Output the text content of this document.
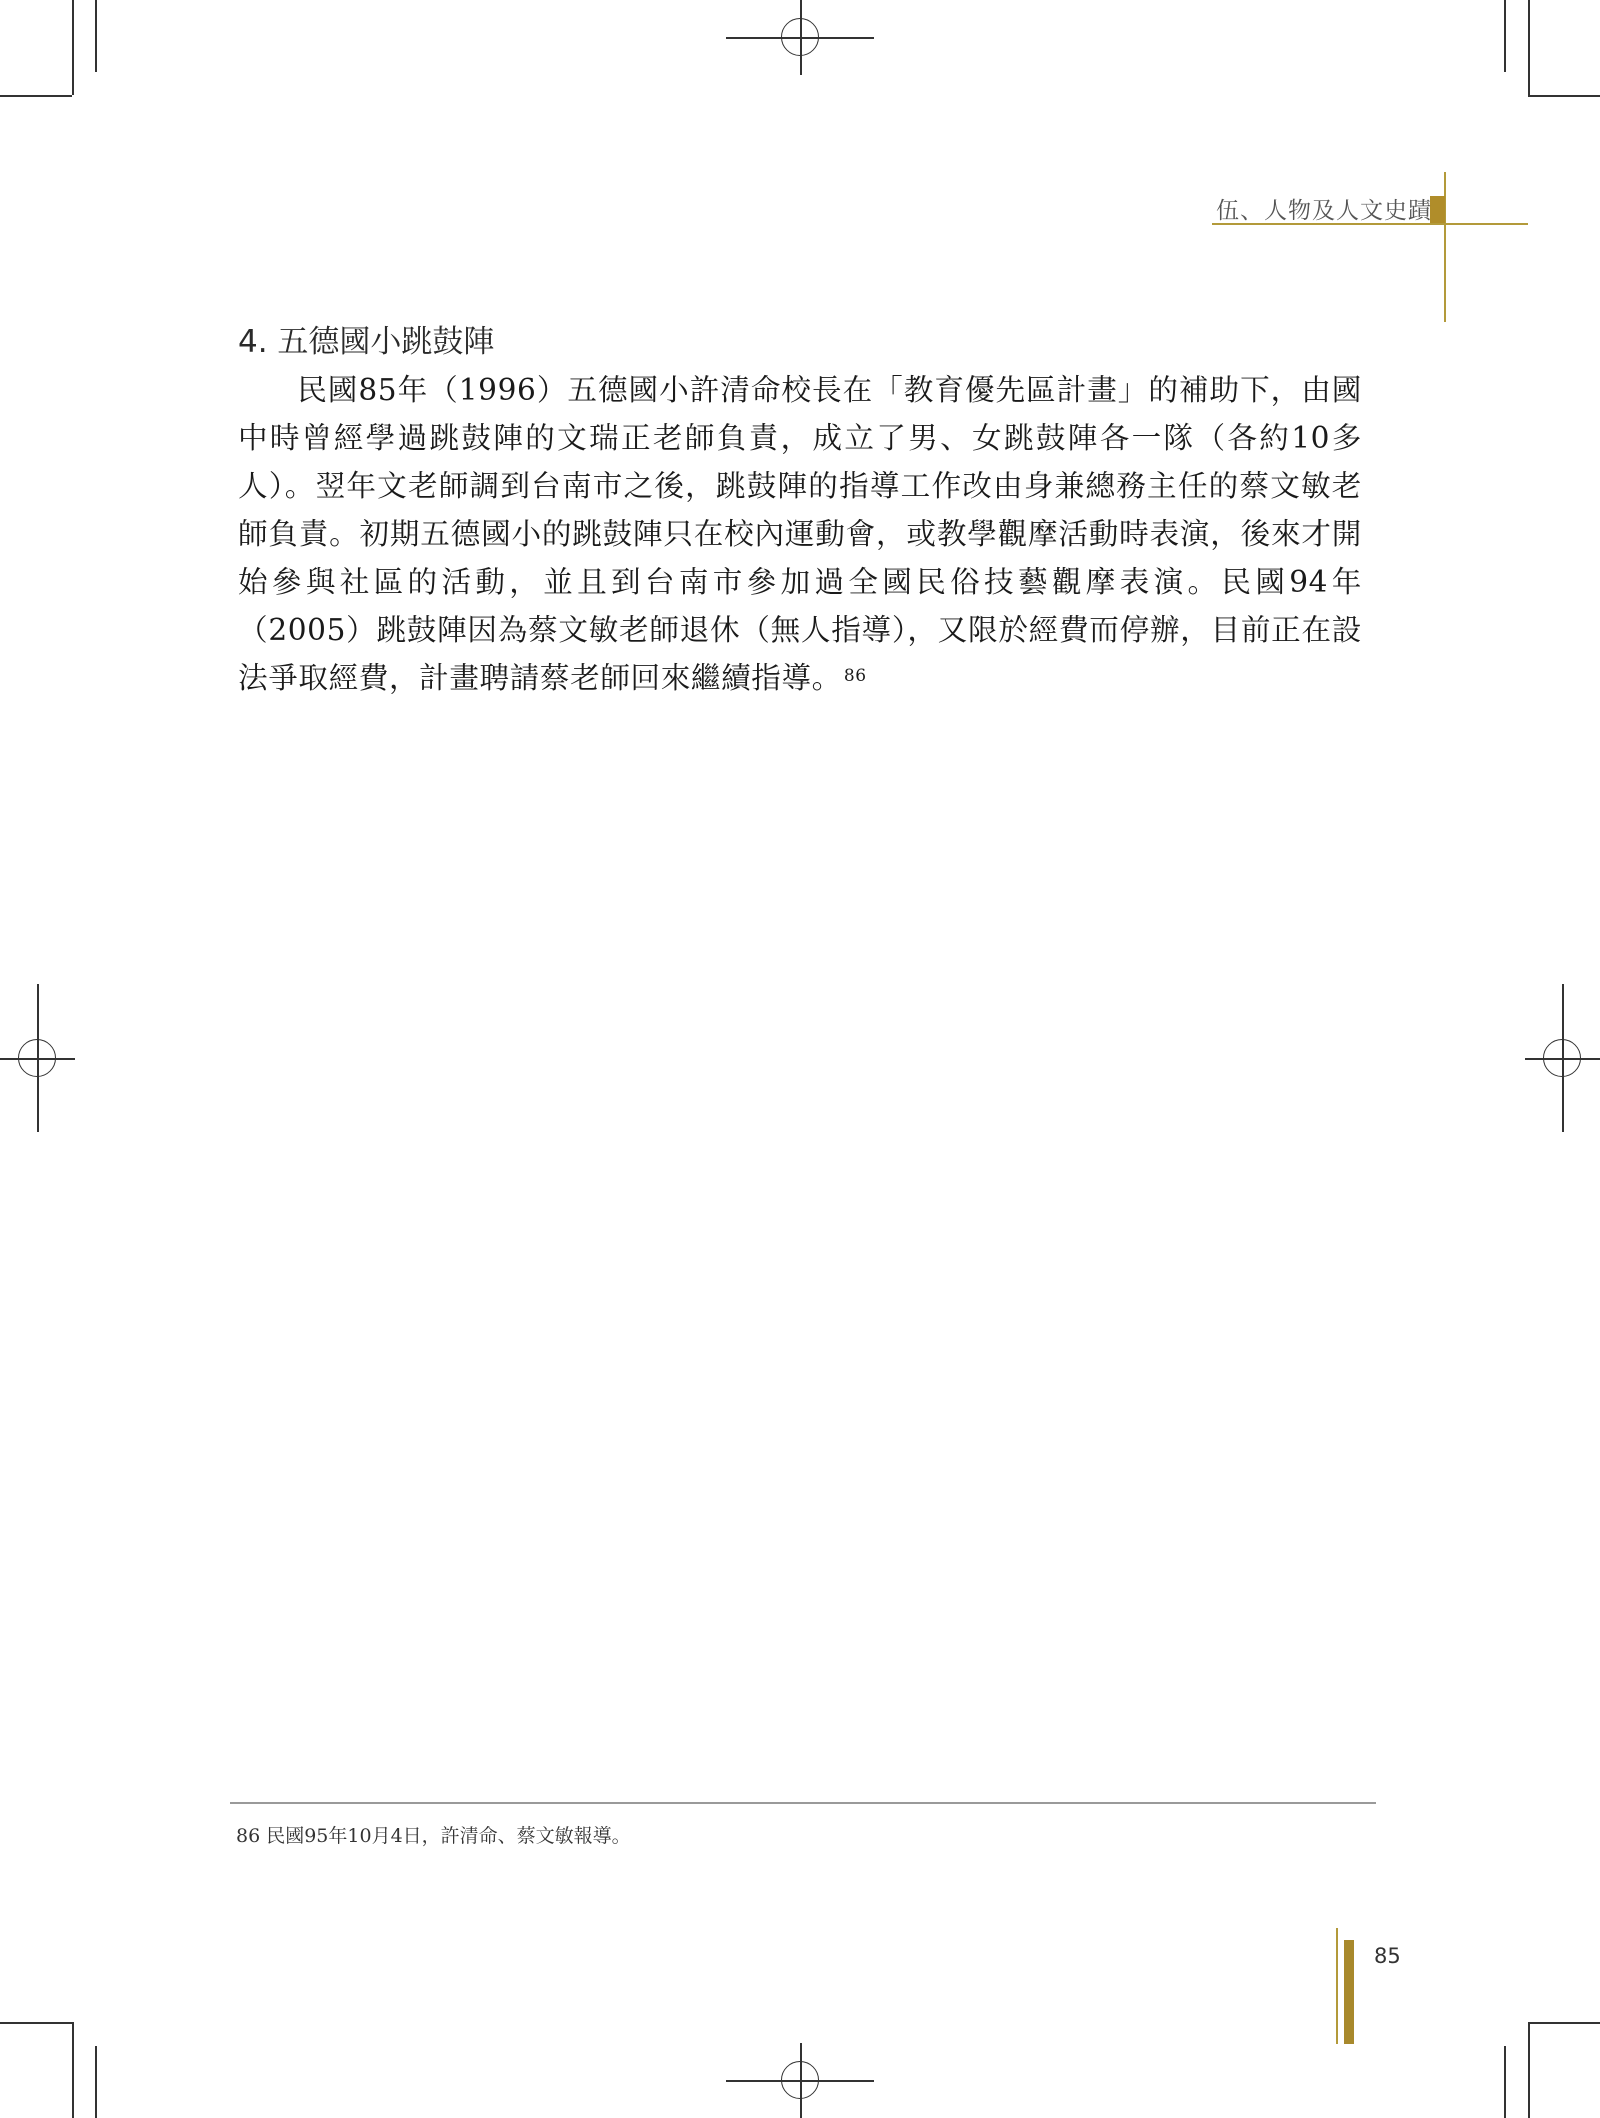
伍、人物及人文史蹟
4. 五德國小跳鼓陣

民國85年（1996）五德國小許清命校長在「教育優先區計畫」的補助下，由國中時曾經學過跳鼓陣的文瑞正老師負責，成立了男、女跳鼓陣各一隊（各約10多人）。翌年文老師調到台南市之後，跳鼓陣的指導工作改由身兼總務主任的蔡文敏老師負責。初期五德國小的跳鼓陣只在校內運動會，或教學觀摩活動時表演，後來才開始參與社區的活動，並且到台南市參加過全國民俗技藝觀摩表演。民國94年（2005）跳鼓陣因為蔡文敏老師退休（無人指導），又限於經費而停辦，目前正在設法爭取經費，計畫聘請蔡老師回來繼續指導。 $^{86}$

86 民國95年10月4日，許清命、蔡文敏報導。
85
